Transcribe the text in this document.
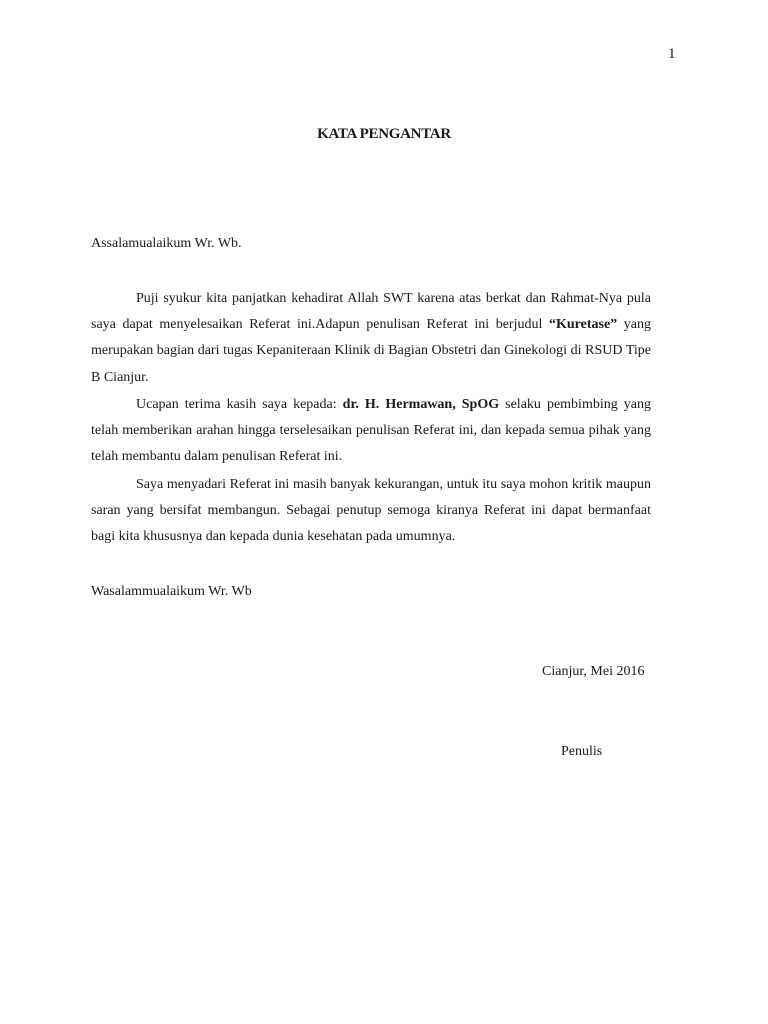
1
KATA PENGANTAR
Assalamualaikum Wr. Wb.

Puji syukur kita panjatkan kehadirat Allah SWT karena atas berkat dan Rahmat-Nya pula saya dapat menyelesaikan Referat ini.Adapun penulisan Referat ini berjudul “Kuretase” yang merupakan bagian dari tugas Kepaniteraan Klinik di Bagian Obstetri dan Ginekologi di RSUD Tipe B Cianjur.

Ucapan terima kasih saya kepada: dr. H. Hermawan, SpOG selaku pembimbing yang telah memberikan arahan hingga terselesaikan penulisan Referat ini, dan kepada semua pihak yang telah membantu dalam penulisan Referat ini.

Saya menyadari Referat ini masih banyak kekurangan, untuk itu saya mohon kritik maupun saran yang bersifat membangun. Sebagai penutup semoga kiranya Referat ini dapat bermanfaat bagi kita khususnya dan kepada dunia kesehatan pada umumnya.

Wasalammualaikum Wr. Wb
Cianjur, Mei 2016
Penulis
